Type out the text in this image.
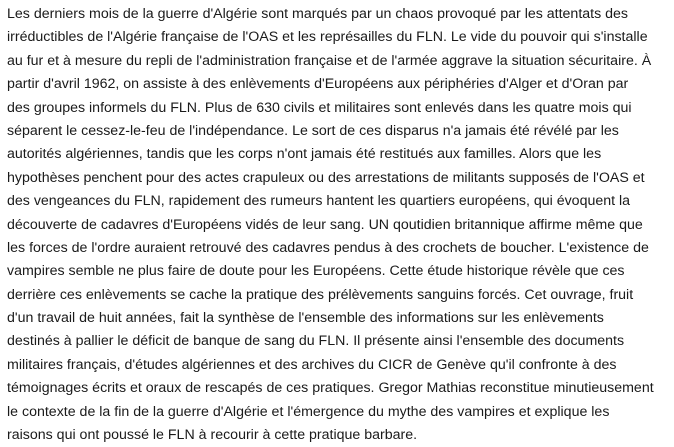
Les derniers mois de la guerre d'Algérie sont marqués par un chaos provoqué par les attentats des
irréductibles de l'Algérie française de l'OAS et les représailles du FLN. Le vide du pouvoir qui s'installe
au fur et à mesure du repli de l'administration française et de l'armée aggrave la situation sécuritaire. À
partir d'avril 1962, on assiste à des enlèvements d'Européens aux périphéries d'Alger et d'Oran par
des groupes informels du FLN. Plus de 630 civils et militaires sont enlevés dans les quatre mois qui
séparent le cessez-le-feu de l'indépendance. Le sort de ces disparus n'a jamais été révélé par les
autorités algériennes, tandis que les corps n'ont jamais été restitués aux familles. Alors que les
hypothèses penchent pour des actes crapuleux ou des arrestations de militants supposés de l'OAS et
des vengeances du FLN, rapidement des rumeurs hantent les quartiers européens, qui évoquent la
découverte de cadavres d'Européens vidés de leur sang. UN qoutidien britannique affirme même que
les forces de l'ordre auraient retrouvé des cadavres pendus à des crochets de boucher. L'existence de
vampires semble ne plus faire de doute pour les Européens. Cette étude historique révèle que ces
derrière ces enlèvements se cache la pratique des prélèvements sanguins forcés. Cet ouvrage, fruit
d'un travail de huit années, fait la synthèse de l'ensemble des informations sur les enlèvements
destinés à pallier le déficit de banque de sang du FLN. Il présente ainsi l'ensemble des documents
militaires français, d'études algériennes et des archives du CICR de Genève qu'il confronte à des
témoignages écrits et oraux de rescapés de ces pratiques. Gregor Mathias reconstitue minutieusement
le contexte de la fin de la guerre d'Algérie et l'émergence du mythe des vampires et explique les
raisons qui ont poussé le FLN à recourir à cette pratique barbare.
